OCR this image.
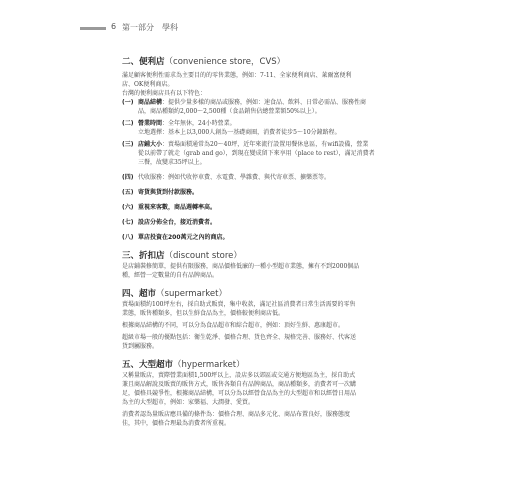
6 第一部分　學科
二、便利店（convenience store，CVS）

滿足顧客便利性需求為主要目的的零售業態，例如：7-11、全家便利商店、萊爾富便利

店、OK便利商店。

台灣的便利商店具有以下特色：

(一) 商品結構：提供少量多樣的商品或服務，例如：速食品、飲料、日常必需品、服務性商
品，商品種類約2,000～2,500種（食品銷售佔總營業額50%以上）。
(二) 營業時間：全年無休，24小時營業。
立地選擇：基本上以3,000人創為一基礎商圈，消費者徒步5～10分鐘路程。
(三) 店鋪大小：賣場面積通常為20～40坪，近年來流行設置用餐休息區，有wifi設備，營業
從以前帶了就走（grab and go），到現在變成留下來享用（place to rest），滿足消費者
三餐，故變求35坪以上。
(四) 代收服務：例如代收停車費、水電費、學雜費、與代寄車票、擴樂票等。
(五) 寄貨與貨到付款服務。
(六) 重視來客數，商品週轉率高。
(七) 設店分佈全台，接近消費者。
(八) 單店投資在200萬元之內的商店。
三、折扣店（discount store）

是店鋪裝修簡單，提供有限服務，商品價格低廉的一種小型超市業態，擁有不到2000個品

種，經營一定數量的自有品牌商品。

四、超市（supermarket）

賣場面積約100坪左右，採自助式販賣，集中收款，滿足社區消費者日常生活需要的零售

業態，販售種類多，但以生鮮食品為主，價格較便利商店低。

根據商品結構的不同，可以分為食品超市和綜合超市，例如：頂好生鮮、惠康超市。

超級市場一般的優點包括：衛生乾淨、價格合理、貨色齊全、規格完善、服務好、代客送

貨到屬服務。

五、大型超市（hypermarket）

又稱量販店，賣際營業面積1,500坪以上，設店多以郊區或交通方便地區為主，採自助式

兼且商品解說及販賣的販售方式，販售各類自有品牌商品，商品種類多，消費者可一次購

足，價格具競爭性，根據商品結構，可以分為以經營食品為主的大型超市和以經營日用品

為主的大型超市，例如：家樂福、大潤發、愛買。

消費者認為量販店應具備的條件為：價格合理、商品多元化、商品布置良好，服務態度

佳，其中，價格合理最為消費者所重視。
